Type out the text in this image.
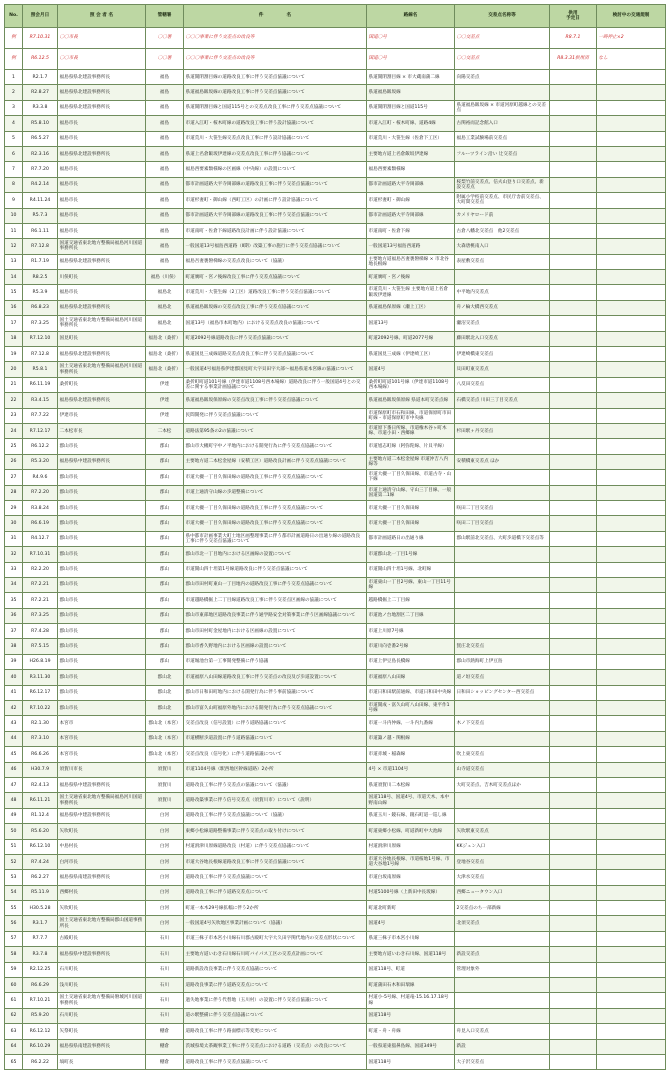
No.	照会月日	照 会 者 名	管轄署	件　　　　　名	路線名	交差点名称等	供用
予定日	検討中の交通規制
例	R7.10.31	〇〇市長	〇〇署	〇〇〇事業に伴う交差点の改良等	国道〇号	〇〇交差点	R8.7.1	一時停止×2
例	R6.12.5	〇〇市長	〇〇署	〇〇〇事業に伴う交差点の改良等	国道〇号	〇〇交差点	R8.3.31供用済	なし
1	R2.1.7	福島県県北建設事務所長	福島	県道開閉割目線の道路改良工事に伴う交差点協議について	県道開閉割目線 × 市大蔵南蒲二線	向陽交差点		
2	R2.8.27	福島県県北建設事務所長	福島	県道福島飯坂線の道路改良工事に伴う交差点協議について	県道福島飯坂線			
3	R3.3.8	福島県県北建設事務所長	福島	県道開閉割目線と国道115号との交差点改良工事に伴う交差点協議について	県道開閉割目線と国道115号	県道福島飯坂線 × 市道河原町越線との交差点		
4	R5.8.10	福島市長	福島	市道入江町・桜木町線の道路改良工事に伴う設計協議について	市道入江町・桜木町線、道路4線	古関裕而記念館入口		
5	R6.5.27	福島市長	福島	市道荒川・大笹生線交差点改良工事に伴う設計協議について	市道荒川・大笹生線（佐倉下工区）	福島工業試験場前交差点		
6	R2.3.16	福島県県北建設事務所長	福島	県道上名倉飯坂伊達線の交差点改良工事に伴う協議について	主要地方道上名倉飯坂伊達線	フルーツライン沿い 辻交差点		
7	R7.7.20	福島市長	福島	福島西要素類様線の区画線（中央線）の設置について	福島西要素類様線			
8	R4.2.14	福島市長	福島	都市計画道路大平寺岡部線の道路改良工事に伴う交差点協議について	都市計画道路大平寺岡部線	桜梨竹前交差点、信夫山登り口交差点、新設交差点		
9	R4.11.24	福島市長	福島	市道杉妻町・御山線（西町工区）の計画に伴う設計協議について	市道杉妻町・御山線	附属小学校前交差点、市民庁舎前交差点、大町間交差点		
10	R5.7.3	福島市長	福島	都市計画道路大平寺岡部線の道路改良工事に伴う交差点協議について	都市計画道路大平寺岡部線	カメリヤロード前		
11	R6.1.11	福島市長	福島	市道南町・佐倉下線道路改良計画に伴う設計協議について	市道南町・佐倉下線	古倉八幡北交差点　他2交差点		
12	R7.12.8	国道交通省東北地方整備局福島河川国道事務所長	福島	一般国道13号福島西道路（Ⅱ期）改築工事の施行に伴う交差点協議について	一般国道13号福島西道路	大森唐桃南入口		
13	R1.7.19	福島県県北建設事務所長	福島	福島吾妻裏磐梯線の交差点改良について（協議）	主要地方道福島吾妻裏磐梯線 × 市北谷地長根線	表屋敷交差点		
14	R8.2.5	川俣町長	福島（川俣）	町道廣町・宮ノ後線改良工事に伴う交差点協議について	町道廣町・宮ノ後線			
15	R5.3.9	福島市長	福島北	市道荒川・大笹生線（2工区）道路改良工事に伴う交差点協議について	市道荒川・大笹生線 主要地方道上名倉飯坂伊達線	中平地内交差点		
16	R6.8.23	福島県県北建設事務所長	福島北	県道福島飯坂線の交差点改良工事に伴う交差点協議について	県道福島保原線（瀬上工区）	舟ノ輪大橋西交差点		
17	R7.3.25	国土交通省東北地方整備局福島河川国道事務所長	福島北	国道13号（福島市本町地内）における交差点改良の協議について	国道13号	瀬沼交差点		
18	R7.12.10	国見町長	福島北（桑折）	町道2092号線道路改良に伴う交差点協議について	町道2092号線、町道2077号線	藤田駅北入口交差点		
19	R7.12.8	福島県県北建設事務所長	福島北（桑折）	県道国見三成線道路交差点改良工事に伴う交差点協議について	県道国見三成線（伊達崎工区）	伊達崎橋東交差点		
20	R5.8.1	国土交通省東北地方整備局福島河川国道事務所長	福島北（桑折）	一般国道4号福島県伊達郡国見町大字貝田字大部～福島県道本宮線の協議について	国道4号	貝田町東交差点		
21	R6.11.19	桑折町長	伊達	桑折町町道101号線（伊達市道1108号西本場線）道路改良に伴う一般国道4号との交差に関する事業計画協議について	桑折町町道101号線（伊達市道1108号西本場線）	八反田交差点		
22	R3.4.15	福島県県北建設事務所長	伊達	県道福島飯坂保原線の交差点改良工事に伴う交差点協議について	県道福島飯坂保原線 県道本町交差点線	石橋交差点 川田三丁目交差点		
23	R7.7.22	伊達市長	伊達	民間開発に伴う交差点協議について	市道保原町市石和田線、市道保原町市田町線・市道保原町市中央線			
24	R7.12.17	二本松市長	二本松	道路法第95条の2の協議について	市道原下番日所線、市道権木谷ヶ町木線、市道小田・西郷線	杉田駅ヶ丹交差点		
25	R6.12.2	郡山市長	郡山	郡山市大槻町字中ノ平地内における開発行為に伴う交差点協議について	市道旭志町線（阿弥陀線、片貝平線）			
26	R5.3.20	福島県県中建設事務所長	郡山	主要地方道二本松金屋線（安積工区）道路改良計画に伴う交差点協議について	主要地方道二本松金屋線 市道沖吉八内線等	安積橋東交差点 ほか		
27	R4.9.6	郡山市長	郡山	市道大槻一丁目久保田線の道路改良工事に伴う交差点協議について	市道大槻一丁目久保田線、市道古寺・山下線			
28	R7.2.20	郡山市長	郡山	市道上通清守山線の歩道整備について	市道上通清守山線、守山三丁目線、一般国道第二1線			
29	R3.8.24	郡山市長	郡山	市道大槻一丁目久保田線の道路改良工事に伴う交差点協議について	市道大槻一丁目久保田線	咲田二丁目交差点		
30	R6.6.19	郡山市長	郡山	市道大槻一丁目久保田線の道路改良工事に伴う交差点協議について	市道大槻一丁目久保田線	咲田二丁目交差点		
31	R4.12.7	郡山市長	郡山	県中都市計画事業大町土地区画整理事業に伴う都市計画道路日の出通り線の道路改良工事に伴う交差点協議について	都市計画道路日の出通り線	郡山駅前北交差点、大町歩道橋下交差点等		
32	R7.10.31	郡山市長	郡山	郡山市北一丁目地内における区画線の設置について	市道郡山北一丁目1号線			
33	R2.2.20	郡山市長	郡山	市道開山四十坦第1号線道路改良に伴う交差点協議について	市道開山四十坦1号線、北町線			
34	R7.2.21	郡山市長	郡山	郡山市田村町東山一丁目地内の道路改良工事に伴う交差点協議について	市道東山一丁目2号線、東山一丁目11号線			
35	R7.2.21	郡山市長	郡山	市道越路橋掘上二丁目線道路改良工事に伴う交差点区画線の協議について	越路橋掘上二丁目線			
36	R7.3.25	郡山市長	郡山	郡山市東部地区道路改良事業に伴う通学路安全対策事業に伴う区画線協議について	市道池ノ台地割区二丁目線			
37	R7.4.28	郡山市長	郡山	郡山市田村町金屋地内における区画線の設置について	市道上川原7号線			
38	R7.5.15	郡山市長	郡山	郡山市香久野地内における区画線の設置について	市道川向壱番2号線	賀庄北交差点		
39	H26.8.19	郡山市長	郡山	市道堀池台第一工事開発整備に伴う協議	市道上伊豆島長橋線	郡山市熱海町上伊豆島		
40	R3.11.30	郡山市長	郡山北	市道福原八山田線道路改良工事に伴う交差点の改良及び歩道設置について	市道福原八山田線	道ノ垣交差点		
41	R6.12.17	郡山市長	郡山北	郡山市日和田町地内における開発行為に伴う事前協議について	市道日和田駅前通線、市道日和田中央線	日和田ショッピングセンター西交差点		
42	R7.10.22	郡山市長	郡山北	郡山市富久山町福原外地内における開発行為に伴う交差点協議について	市道開成・富久山町八山田線、東平作1号線			
43	R2.1.30	本宮市	郡山北（本宮）	交差点改良（信号設置）に伴う道路協議について	市道一斗内仲線、一斗内九番線	木ノ下交差点		
44	R7.3.10	本宮市長	郡山北（本宮）	市道横断歩道設置に伴う道路協議について	市道諏ノ越・関根線			
45	R6.6.26	本宮市長	郡山北（本宮）	交差点改良（信号化）に伴う道路協議について	市道赤城・稲森線	吹上東交差点		
46	H30.7.9	須賀川市長	須賀川	市道1104号線（駅西地区幹線道路）2か所	4号 × 市道1104号	山寺道交差点		
47	R2.4.13	福島県県中建設事務所長	須賀川	道路改良工事に伴う交差点の協議について（協議）	県道須賀川二本松線	大町交差点、吉木町交差点ほか		
48	R6.11.21	国土交通省東北地方整備局福島河川国道事務所長	須賀川	道路改築事業に伴う信号交差点（須賀川市）について（説明）	国道118号、国道4号、市道天木、本中野南山線			
49	R1.12.4	福島県県中建設事務所長	白河	道路改良工事に伴う交差点協議について（協議）	県道玉川・鏡石線、鏡石町道一巡し線			
50	R5.6.20	矢吹町長	白河	東郷小松線道路整備事業に伴う交差点の取り付けについて	町道東郷小松線、町道新町中大池線	矢吹駅東交差点		
51	R6.12.10	中島村長	白河	村道滑津川原線道路改良（村道）に伴う交差点協議について	村道滑津川原線	KKジュン入口		
52	R7.4.24	白河市長	白河	市道大谷地長根線道路改良工事に伴う交差点協議について	市道大谷地長根線、市道桜地1号線、市道大谷地1号線	登地谷交差点		
53	R6.2.27	福島県県南建設事務所長	白河	道路改良工事に伴う交差点協議について	市道白坂南原線	大津水交差点		
54	R5.11.9	西郷村長	白河	道路改良工事に伴う道路交差点について	村道5100号線（上新田中長坂線）	西郷ニュータウン入口		
55	H30.5.28	矢吹町長	白河	町道一本木29号線拡幅に伴う2か所	町道北町新町	2交差点のち一部新線		
56	R3.1.7	国土交通省東北地方整備局郡山国道事務所長	白河	一般国道4号矢吹地区事業計画について（協議）	国道4号	北須交差点		
57	R7.7.7	古殿町長	石川	市道三株子市本宮小川線石川郡古殿町大字大久田字関代地内の交差点形状について	県道三株子市本宮小川線			
58	R3.7.8	福島県県中建設事務所長	石川	主要地方道いわき石川線石川町バイパス工区の交差点計画について	主要地方道いわき石川線、国道118号	新設交差点		
59	R2.12.25	石川町長	石川	道路新設改良事業に伴う交差点協議について	国道118号、町道	管理対象外		
60	R6.6.29	浅川町長	石川	道路改良事業に伴う道路交差点について	町道蒲田石木和田瑞線			
61	R7.10.21	国土交通省東北地方整備局磐城河川国道事務所長	石川	過失地事業に伴う代替地（玉川村）の設置に伴う交差点協議について	村道小-5号線、村道竜-15.16.17.18号線			
62	R5.9.20	石川町長	石川	道の駅整備に伴う交差点協議について	国道118号			
63	R6.12.12	矢祭町長	棚倉	道路改良工事に伴う路面標示等変更について	町道・舟・舟線	舟見入口交差点		
64	R6.10.29	福島県県南建設事務所長	棚倉	茨城県境太茶観事業工事に伴う交差点における道路（交差点）の改良について	一般県道東舘鼻島線、国道349号	新設		
65	R6.2.22	塙町長	棚倉	道路改良工事に伴う交差点協議について	国道118号	大子沢交差点		
